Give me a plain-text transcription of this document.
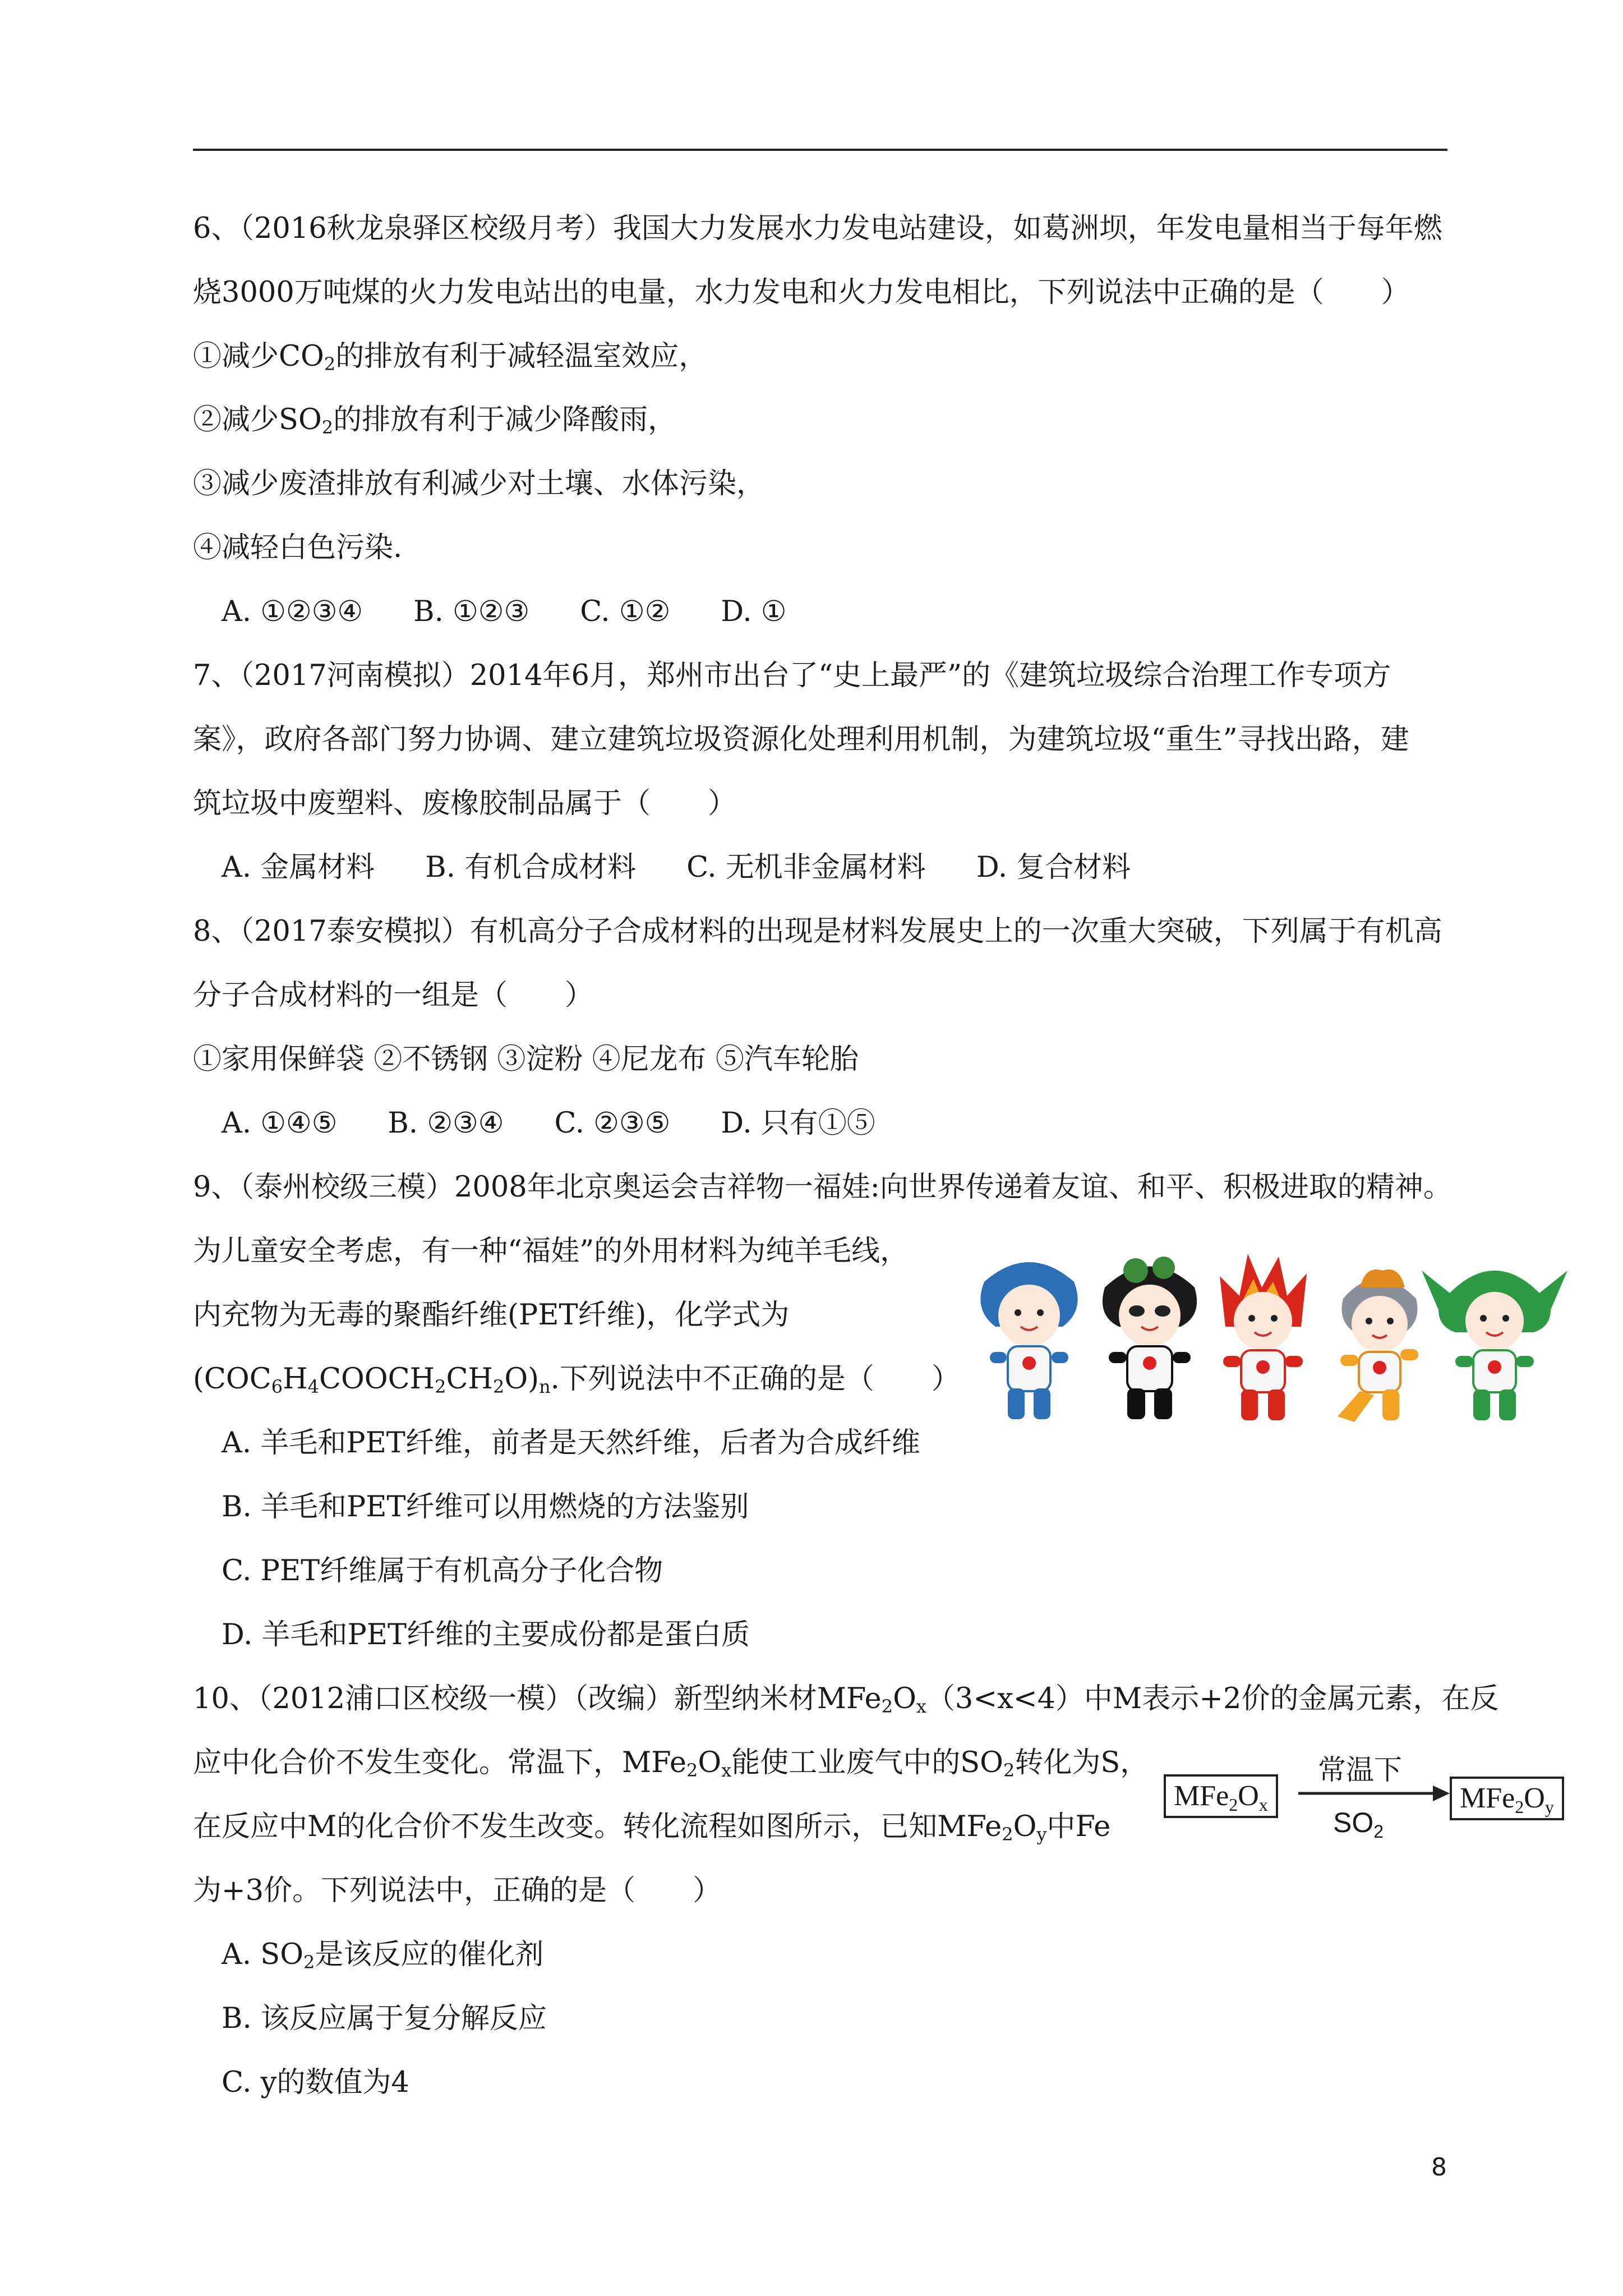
6、（2016秋龙泉驿区校级月考）我国大力发展水力发电站建设，如葛洲坝，年发电量相当于每年燃
烧3000万吨煤的火力发电站出的电量，水力发电和火力发电相比，下列说法中正确的是（　　）
①减少$CO_2$的排放有利于减轻温室效应，
②减少$SO_2$的排放有利于减少降酸雨，
③减少废渣排放有利减少对土壤、水体污染，
④减轻白色污染.
A. ①②③④ B. ①②③ C. ①② D. ①
7、（2017河南模拟）2014年6月，郑州市出台了“史上最严”的《建筑垃圾综合治理工作专项方
案》，政府各部门努力协调、建立建筑垃圾资源化处理利用机制，为建筑垃圾“重生”寻找出路，建
筑垃圾中废塑料、废橡胶制品属于（　　）
A. 金属材料 B. 有机合成材料 C. 无机非金属材料 D. 复合材料
8、（2017泰安模拟）有机高分子合成材料的出现是材料发展史上的一次重大突破，下列属于有机高
分子合成材料的一组是（　　）
①家用保鲜袋 ②不锈钢 ③淀粉 ④尼龙布 ⑤汽车轮胎
A. ①④⑤ B. ②③④ C. ②③⑤ D. 只有①⑤
9、（泰州校级三模）2008年北京奥运会吉祥物一福娃:向世界传递着友谊、和平、积极进取的精神。
为儿童安全考虑，有一种“福娃”的外用材料为纯羊毛线，
内充物为无毒的聚酯纤维(PET纤维)，化学式为
$(COC_6H_4COOCH_2CH_2O)_n$.下列说法中不正确的是（　　）
A. 羊毛和PET纤维，前者是天然纤维，后者为合成纤维
B. 羊毛和PET纤维可以用燃烧的方法鉴别
C. PET纤维属于有机高分子化合物
D. 羊毛和PET纤维的主要成份都是蛋白质
10、（2012浦口区校级一模）（改编）新型纳米材$MFe_2O_x(3<x<4)$中M表示+2价的金属元素，在反
应中化合价不发生变化。常温下，$MFe_2O_x$能使工业废气中的$SO_2$转化为S，
在反应中M的化合价不发生改变。转化流程如图所示，已知$MFe_2O_y$中Fe
为+3价。下列说法中，正确的是（　　）
A. $SO_2$是该反应的催化剂
B. 该反应属于复分解反应
C. y的数值为4
$MFe_2O_x$
常温下
$SO_2$
$MFe_2O_y$
8
